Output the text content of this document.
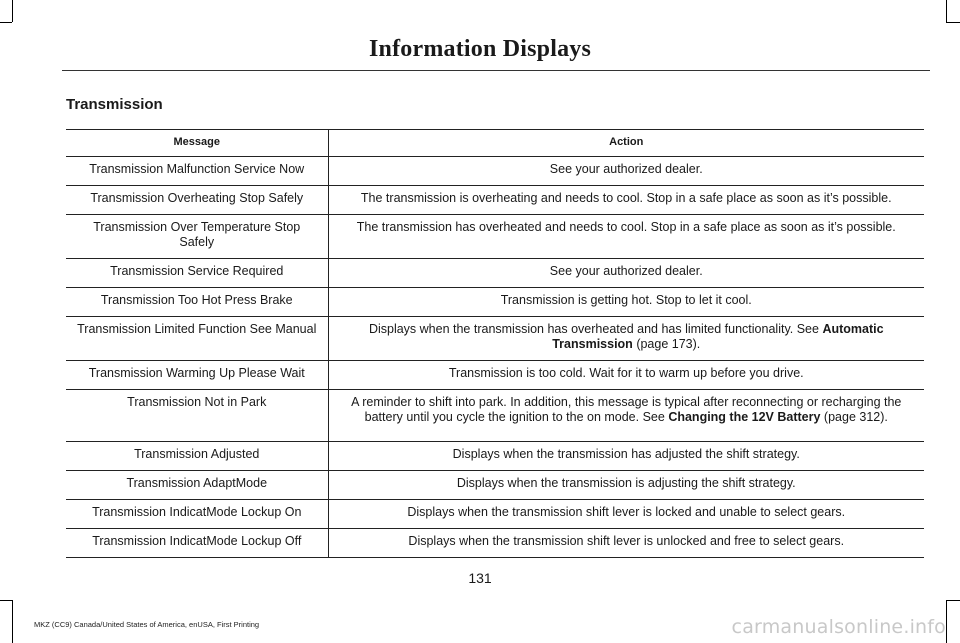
Information Displays
Transmission
Message	Action
Transmission Malfunction Service Now	See your authorized dealer.
Transmission Overheating Stop Safely	The transmission is overheating and needs to cool. Stop in a safe place as soon as it’s possible.
Transmission Over Temperature Stop Safely	The transmission has overheated and needs to cool. Stop in a safe place as soon as it’s possible.
Transmission Service Required	See your authorized dealer.
Transmission Too Hot Press Brake	Transmission is getting hot. Stop to let it cool.
Transmission Limited Function See Manual	Displays when the transmission has overheated and has limited functionality. See Automatic Transmission (page 173).
Transmission Warming Up Please Wait	Transmission is too cold. Wait for it to warm up before you drive.
Transmission Not in Park	A reminder to shift into park. In addition, this message is typical after reconnecting or recharging the battery until you cycle the ignition to the on mode. See Changing the 12V Battery (page 312).
Transmission Adjusted	Displays when the transmission has adjusted the shift strategy.
Transmission AdaptMode	Displays when the transmission is adjusting the shift strategy.
Transmission IndicatMode Lockup On	Displays when the transmission shift lever is locked and unable to select gears.
Transmission IndicatMode Lockup Off	Displays when the transmission shift lever is unlocked and free to select gears.
131
MKZ (CC9) Canada/United States of America, enUSA, First Printing	carmanualsonline.info
